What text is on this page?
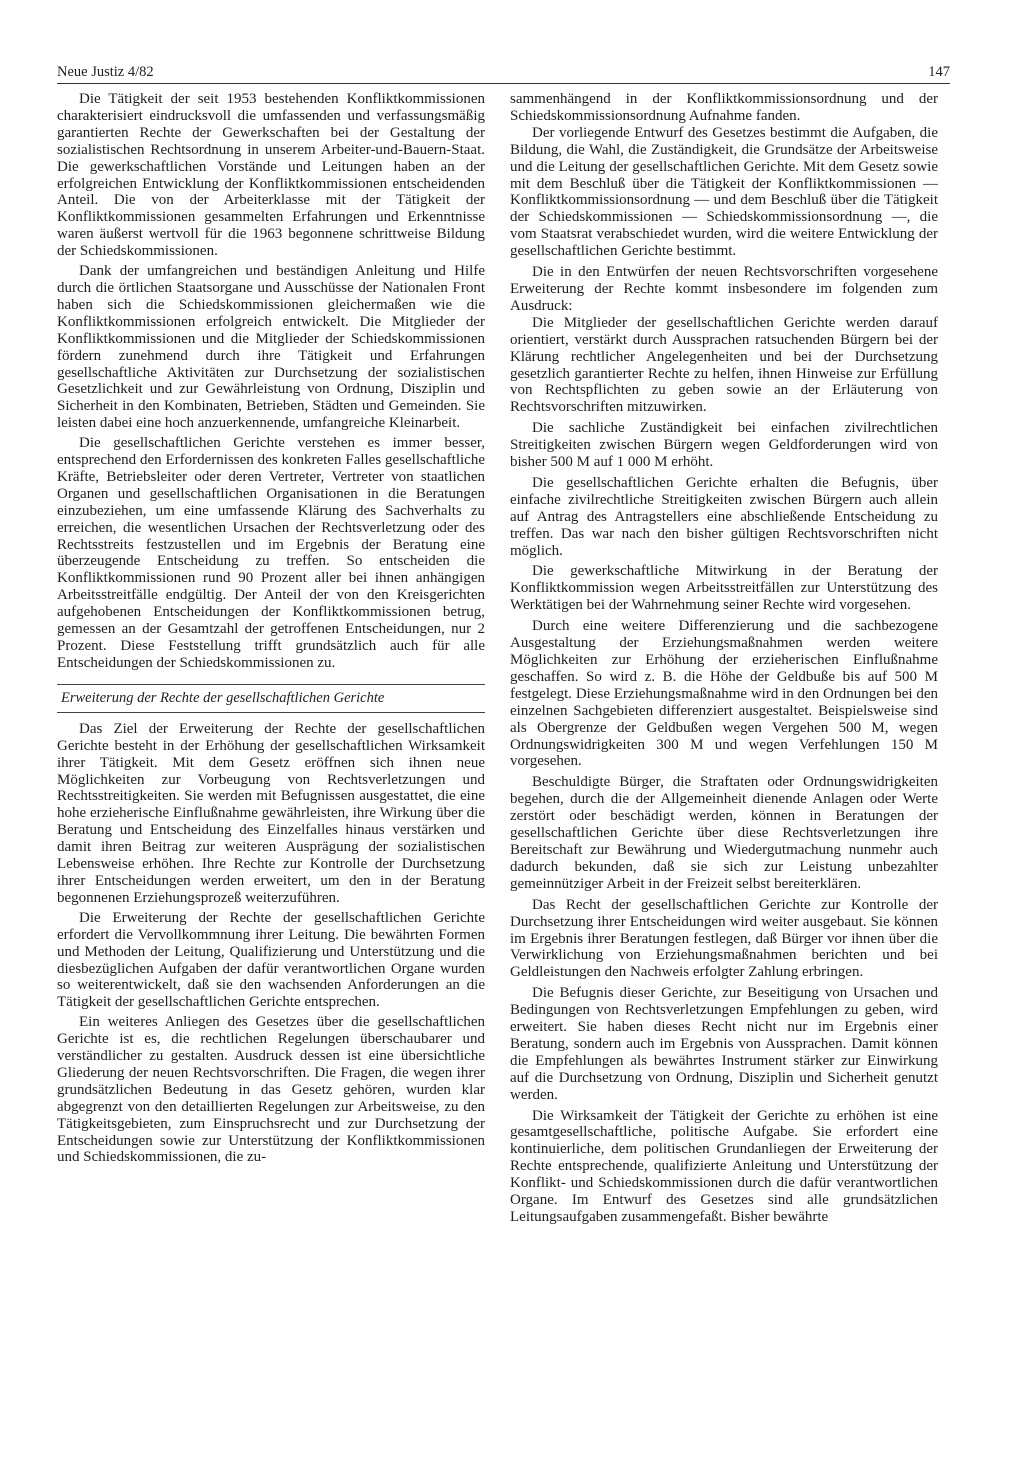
Neue Justiz 4/82	147

Die Tätigkeit der seit 1953 bestehenden Konfliktkommissionen charakterisiert eindrucksvoll die umfassenden und verfassungsmäßig garantierten Rechte der Gewerkschaften bei der Gestaltung der sozialistischen Rechtsordnung in unserem Arbeiter-und-Bauern-Staat. Die gewerkschaftlichen Vorstände und Leitungen haben an der erfolgreichen Entwicklung der Konfliktkommissionen entscheidenden Anteil. Die von der Arbeiterklasse mit der Tätigkeit der Konfliktkommissionen gesammelten Erfahrungen und Erkenntnisse waren äußerst wertvoll für die 1963 begonnene schrittweise Bildung der Schiedskommissionen.

Dank der umfangreichen und beständigen Anleitung und Hilfe durch die örtlichen Staatsorgane und Ausschüsse der Nationalen Front haben sich die Schiedskommissionen gleichermaßen wie die Konfliktkommissionen erfolgreich entwickelt. Die Mitglieder der Konfliktkommissionen und die Mitglieder der Schiedskommissionen fördern zunehmend durch ihre Tätigkeit und Erfahrungen gesellschaftliche Aktivitäten zur Durchsetzung der sozialistischen Gesetzlichkeit und zur Gewährleistung von Ordnung, Disziplin und Sicherheit in den Kombinaten, Betrieben, Städten und Gemeinden. Sie leisten dabei eine hoch anzuerkennende, umfangreiche Kleinarbeit.

Die gesellschaftlichen Gerichte verstehen es immer besser, entsprechend den Erfordernissen des konkreten Falles gesellschaftliche Kräfte, Betriebsleiter oder deren Vertreter, Vertreter von staatlichen Organen und gesellschaftlichen Organisationen in die Beratungen einzubeziehen, um eine umfassende Klärung des Sachverhalts zu erreichen, die wesentlichen Ursachen der Rechtsverletzung oder des Rechtsstreits festzustellen und im Ergebnis der Beratung eine überzeugende Entscheidung zu treffen. So entscheiden die Konfliktkommissionen rund 90 Prozent aller bei ihnen anhängigen Arbeitsstreitfälle endgültig. Der Anteil der von den Kreisgerichten aufgehobenen Entscheidungen der Konfliktkommissionen betrug, gemessen an der Gesamtzahl der getroffenen Entscheidungen, nur 2 Prozent. Diese Feststellung trifft grundsätzlich auch für alle Entscheidungen der Schiedskommissionen zu.

Erweiterung der Rechte der gesellschaftlichen Gerichte

Das Ziel der Erweiterung der Rechte der gesellschaftlichen Gerichte besteht in der Erhöhung der gesellschaftlichen Wirksamkeit ihrer Tätigkeit. Mit dem Gesetz eröffnen sich ihnen neue Möglichkeiten zur Vorbeugung von Rechtsverletzungen und Rechtsstreitigkeiten. Sie werden mit Befugnissen ausgestattet, die eine hohe erzieherische Einflußnahme gewährleisten, ihre Wirkung über die Beratung und Entscheidung des Einzelfalles hinaus verstärken und damit ihren Beitrag zur weiteren Ausprägung der sozialistischen Lebensweise erhöhen. Ihre Rechte zur Kontrolle der Durchsetzung ihrer Entscheidungen werden erweitert, um den in der Beratung begonnenen Erziehungsprozeß weiterzuführen.

Die Erweiterung der Rechte der gesellschaftlichen Gerichte erfordert die Vervollkommnung ihrer Leitung. Die bewährten Formen und Methoden der Leitung, Qualifizierung und Unterstützung und die diesbezüglichen Aufgaben der dafür verantwortlichen Organe wurden so weiterentwickelt, daß sie den wachsenden Anforderungen an die Tätigkeit der gesellschaftlichen Gerichte entsprechen.

Ein weiteres Anliegen des Gesetzes über die gesellschaftlichen Gerichte ist es, die rechtlichen Regelungen überschaubarer und verständlicher zu gestalten. Ausdruck dessen ist eine übersichtliche Gliederung der neuen Rechtsvorschriften. Die Fragen, die wegen ihrer grundsätzlichen Bedeutung in das Gesetz gehören, wurden klar abgegrenzt von den detaillierten Regelungen zur Arbeitsweise, zu den Tätigkeitsgebieten, zum Einspruchsrecht und zur Durchsetzung der Entscheidungen sowie zur Unterstützung der Konfliktkommissionen und Schiedskommissionen, die zu-

sammenhängend in der Konfliktkommissionsordnung und der Schiedskommissionsordnung Aufnahme fanden.

Der vorliegende Entwurf des Gesetzes bestimmt die Aufgaben, die Bildung, die Wahl, die Zuständigkeit, die Grundsätze der Arbeitsweise und die Leitung der gesellschaftlichen Gerichte. Mit dem Gesetz sowie mit dem Beschluß über die Tätigkeit der Konfliktkommissionen — Konfliktkommissionsordnung — und dem Beschluß über die Tätigkeit der Schiedskommissionen — Schiedskommissionsordnung —, die vom Staatsrat verabschiedet wurden, wird die weitere Entwicklung der gesellschaftlichen Gerichte bestimmt.

Die in den Entwürfen der neuen Rechtsvorschriften vorgesehene Erweiterung der Rechte kommt insbesondere im folgenden zum Ausdruck:

Die Mitglieder der gesellschaftlichen Gerichte werden darauf orientiert, verstärkt durch Aussprachen ratsuchenden Bürgern bei der Klärung rechtlicher Angelegenheiten und bei der Durchsetzung gesetzlich garantierter Rechte zu helfen, ihnen Hinweise zur Erfüllung von Rechtspflichten zu geben sowie an der Erläuterung von Rechtsvorschriften mitzuwirken.

Die sachliche Zuständigkeit bei einfachen zivilrechtlichen Streitigkeiten zwischen Bürgern wegen Geldforderungen wird von bisher 500 M auf 1 000 M erhöht.

Die gesellschaftlichen Gerichte erhalten die Befugnis, über einfache zivilrechtliche Streitigkeiten zwischen Bürgern auch allein auf Antrag des Antragstellers eine abschließende Entscheidung zu treffen. Das war nach den bisher gültigen Rechtsvorschriften nicht möglich.

Die gewerkschaftliche Mitwirkung in der Beratung der Konfliktkommission wegen Arbeitsstreitfällen zur Unterstützung des Werktätigen bei der Wahrnehmung seiner Rechte wird vorgesehen.

Durch eine weitere Differenzierung und die sachbezogene Ausgestaltung der Erziehungsmaßnahmen werden weitere Möglichkeiten zur Erhöhung der erzieherischen Einflußnahme geschaffen. So wird z. B. die Höhe der Geldbuße bis auf 500 M festgelegt. Diese Erziehungsmaßnahme wird in den Ordnungen bei den einzelnen Sachgebieten differenziert ausgestaltet. Beispielsweise sind als Obergrenze der Geldbußen wegen Vergehen 500 M, wegen Ordnungswidrigkeiten 300 M und wegen Verfehlungen 150 M vorgesehen.

Beschuldigte Bürger, die Straftaten oder Ordnungswidrigkeiten begehen, durch die der Allgemeinheit dienende Anlagen oder Werte zerstört oder beschädigt werden, können in Beratungen der gesellschaftlichen Gerichte über diese Rechtsverletzungen ihre Bereitschaft zur Bewährung und Wiedergutmachung nunmehr auch dadurch bekunden, daß sie sich zur Leistung unbezahlter gemeinnütziger Arbeit in der Freizeit selbst bereiterklären.

Das Recht der gesellschaftlichen Gerichte zur Kontrolle der Durchsetzung ihrer Entscheidungen wird weiter ausgebaut. Sie können im Ergebnis ihrer Beratungen festlegen, daß Bürger vor ihnen über die Verwirklichung von Erziehungsmaßnahmen berichten und bei Geldleistungen den Nachweis erfolgter Zahlung erbringen.

Die Befugnis dieser Gerichte, zur Beseitigung von Ursachen und Bedingungen von Rechtsverletzungen Empfehlungen zu geben, wird erweitert. Sie haben dieses Recht nicht nur im Ergebnis einer Beratung, sondern auch im Ergebnis von Aussprachen. Damit können die Empfehlungen als bewährtes Instrument stärker zur Einwirkung auf die Durchsetzung von Ordnung, Disziplin und Sicherheit genutzt werden.

Die Wirksamkeit der Tätigkeit der Gerichte zu erhöhen ist eine gesamtgesellschaftliche, politische Aufgabe. Sie erfordert eine kontinuierliche, dem politischen Grundanliegen der Erweiterung der Rechte entsprechende, qualifizierte Anleitung und Unterstützung der Konflikt- und Schiedskommissionen durch die dafür verantwortlichen Organe. Im Entwurf des Gesetzes sind alle grundsätzlichen Leitungsaufgaben zusammengefaßt. Bisher bewährte
